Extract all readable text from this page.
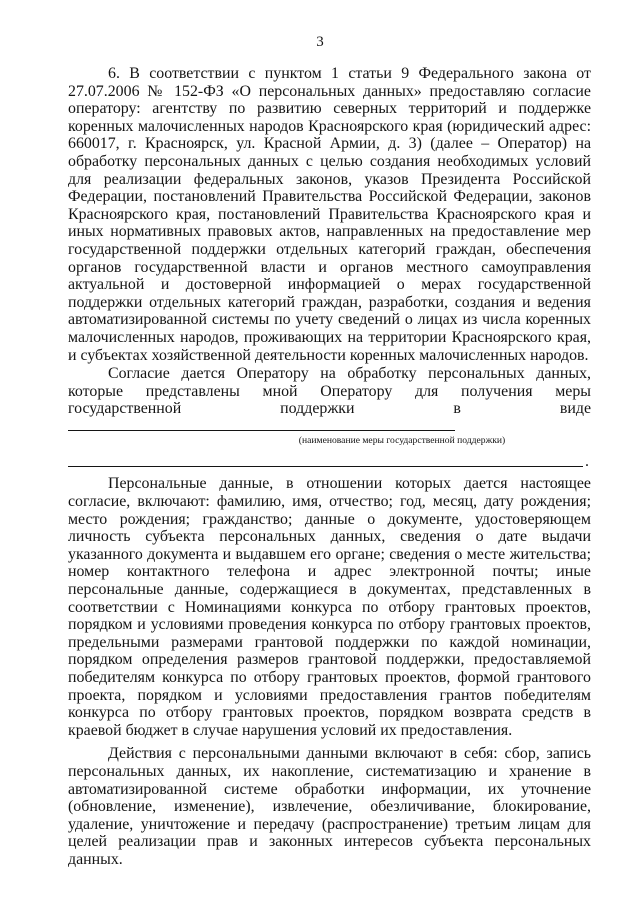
3

6. В соответствии с пунктом 1 статьи 9 Федерального закона от 27.07.2006 № 152-ФЗ «О персональных данных» предоставляю согласие оператору: агентству по развитию северных территорий и поддержке коренных малочисленных народов Красноярского края (юридический адрес: 660017, г. Красноярск, ул. Красной Армии, д. 3) (далее – Оператор) на обработку персональных данных с целью создания необходимых условий для реализации федеральных законов, указов Президента Российской Федерации, постановлений Правительства Российской Федерации, законов Красноярского края, постановлений Правительства Красноярского края и иных нормативных правовых актов, направленных на предоставление мер государственной поддержки отдельных категорий граждан, обеспечения органов государственной власти и органов местного самоуправления актуальной и достоверной информацией о мерах государственной поддержки отдельных категорий граждан, разработки, создания и ведения автоматизированной системы по учету сведений о лицах из числа коренных малочисленных народов, проживающих на территории Красноярского края, и субъектах хозяйственной деятельности коренных малочисленных народов.

Согласие дается Оператору на обработку персональных данных, которые представлены мной Оператору для получения меры государственной поддержки в виде

(наименование меры государственной поддержки)
.

Персональные данные, в отношении которых дается настоящее согласие, включают: фамилию, имя, отчество; год, месяц, дату рождения; место рождения; гражданство; данные о документе, удостоверяющем личность субъекта персональных данных, сведения о дате выдачи указанного документа и выдавшем его органе; сведения о месте жительства; номер контактного телефона и адрес электронной почты; иные персональные данные, содержащиеся в документах, представленных в соответствии с Номинациями конкурса по отбору грантовых проектов, порядком и условиями проведения конкурса по отбору грантовых проектов, предельными размерами грантовой поддержки по каждой номинации, порядком определения размеров грантовой поддержки, предоставляемой победителям конкурса по отбору грантовых проектов, формой грантового проекта, порядком и условиями предоставления грантов победителям конкурса по отбору грантовых проектов, порядком возврата средств в краевой бюджет в случае нарушения условий их предоставления.

Действия с персональными данными включают в себя: сбор, запись персональных данных, их накопление, систематизацию и хранение в автоматизированной системе обработки информации, их уточнение (обновление, изменение), извлечение, обезличивание, блокирование, удаление, уничтожение и передачу (распространение) третьим лицам для целей реализации прав и законных интересов субъекта персональных данных.
